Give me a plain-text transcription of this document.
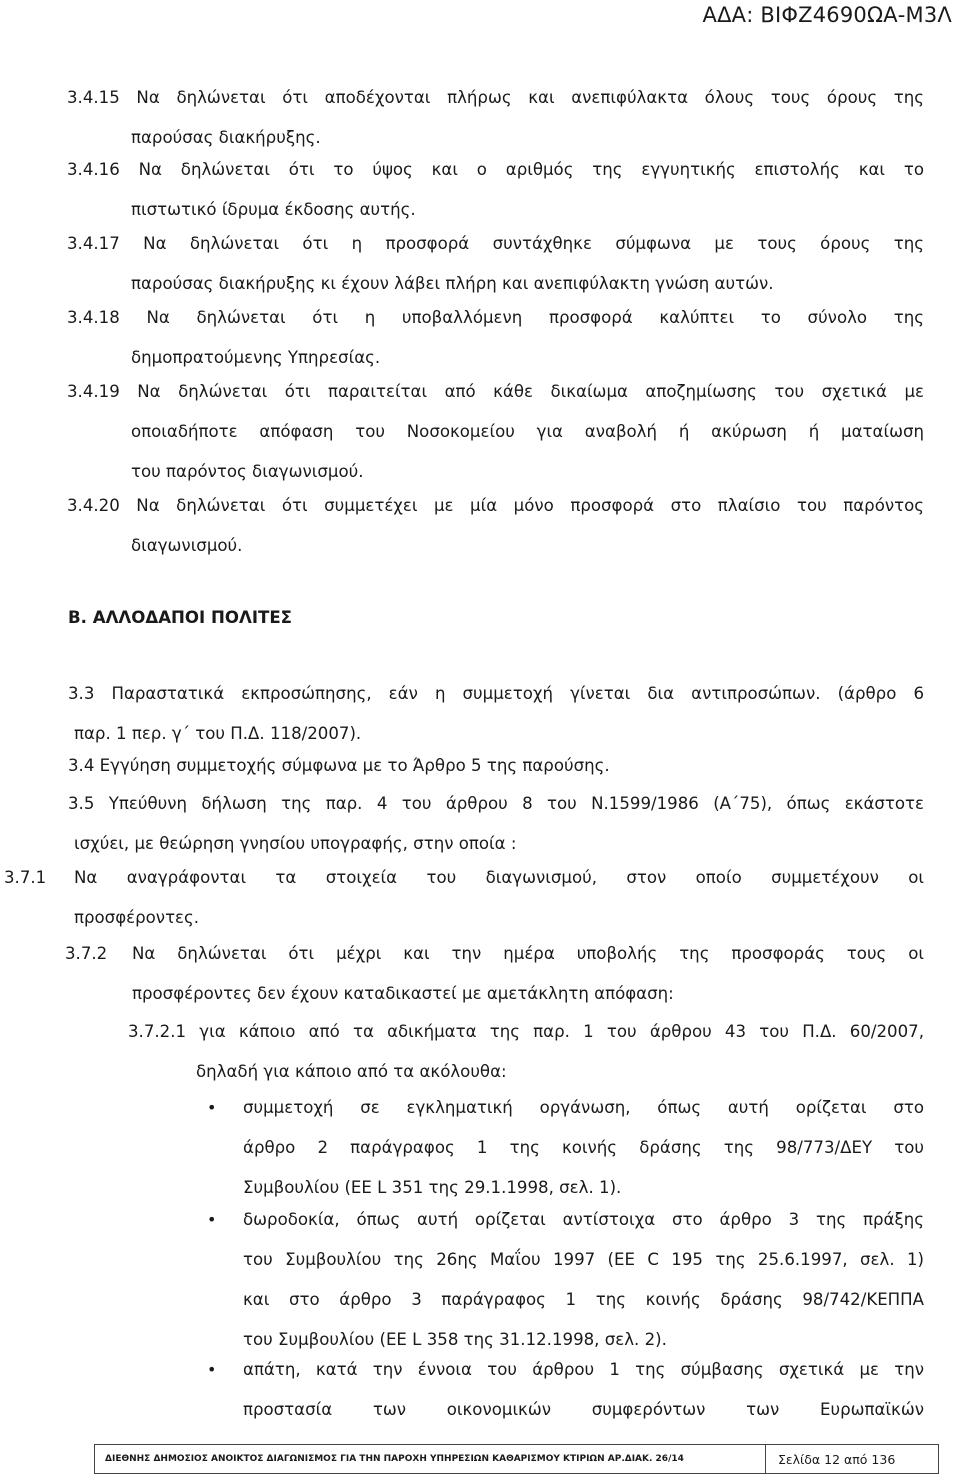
ΑΔΑ: ΒΙΦΖ4690ΩΑ-Μ3Λ

3.4.15 Να δηλώνεται ότι αποδέχονται πλήρως και ανεπιφύλακτα όλους τους όρους της

παρούσας διακήρυξης.

3.4.16 Να δηλώνεται ότι το ύψος και ο αριθμός της εγγυητικής επιστολής και το

πιστωτικό ίδρυμα έκδοσης αυτής.

3.4.17 Να δηλώνεται ότι η προσφορά συντάχθηκε σύμφωνα με τους όρους της

παρούσας διακήρυξης κι έχουν λάβει πλήρη και ανεπιφύλακτη γνώση αυτών.

3.4.18 Να δηλώνεται ότι η υποβαλλόμενη προσφορά καλύπτει το σύνολο της

δημοπρατούμενης Υπηρεσίας.

3.4.19 Να δηλώνεται ότι παραιτείται από κάθε δικαίωμα αποζημίωσης του σχετικά με

οποιαδήποτε απόφαση του Νοσοκομείου για αναβολή ή ακύρωση ή ματαίωση

του παρόντος διαγωνισμού.

3.4.20 Να δηλώνεται ότι συμμετέχει με μία μόνο προσφορά στο πλαίσιο του παρόντος

διαγωνισμού.

Β. ΑΛΛΟΔΑΠΟΙ ΠΟΛΙΤΕΣ

3.3 Παραστατικά εκπροσώπησης, εάν η συμμετοχή γίνεται δια αντιπροσώπων. (άρθρο 6

παρ. 1 περ. γ΄ του Π.Δ. 118/2007).

3.4 Εγγύηση συμμετοχής σύμφωνα με το Άρθρο 5 της παρούσης.

3.5 Υπεύθυνη δήλωση της παρ. 4 του άρθρου 8 του Ν.1599/1986 (Α΄75), όπως εκάστοτε

ισχύει, με θεώρηση γνησίου υπογραφής, στην οποία :

3.7.1 Να αναγράφονται τα στοιχεία του διαγωνισμού, στον οποίο συμμετέχουν οι

προσφέροντες.

3.7.2 Να δηλώνεται ότι μέχρι και την ημέρα υποβολής της προσφοράς τους οι

προσφέροντες δεν έχουν καταδικαστεί με αμετάκλητη απόφαση:

3.7.2.1 για κάποιο από τα αδικήματα της παρ. 1 του άρθρου 43 του Π.Δ. 60/2007,

δηλαδή για κάποιο από τα ακόλουθα:

• συμμετοχή σε εγκληματική οργάνωση, όπως αυτή ορίζεται στο

άρθρο 2 παράγραφος 1 της κοινής δράσης της 98/773/ΔΕΥ του

Συμβουλίου (ΕΕ L 351 της 29.1.1998, σελ. 1).

• δωροδοκία, όπως αυτή ορίζεται αντίστοιχα στο άρθρο 3 της πράξης

του Συμβουλίου της 26ης Μαΐου 1997 (ΕΕ C 195 της 25.6.1997, σελ. 1)

και στο άρθρο 3 παράγραφος 1 της κοινής δράσης 98/742/ΚΕΠΠΑ

του Συμβουλίου (ΕΕ L 358 της 31.12.1998, σελ. 2).

• απάτη, κατά την έννοια του άρθρου 1 της σύμβασης σχετικά με την

προστασία των οικονομικών συμφερόντων των Ευρωπαϊκών

ΔΙΕΘΝΗΣ ΔΗΜΟΣΙΟΣ ΑΝΟΙΚΤΟΣ ΔΙΑΓΩΝΙΣΜΟΣ ΓΙΑ ΤΗΝ ΠΑΡΟΧΗ ΥΠΗΡΕΣΙΩΝ ΚΑΘΑΡΙΣΜΟΥ ΚΤΙΡΙΩΝ ΑΡ.ΔΙΑΚ. 26/14	Σελίδα 12 από 136
